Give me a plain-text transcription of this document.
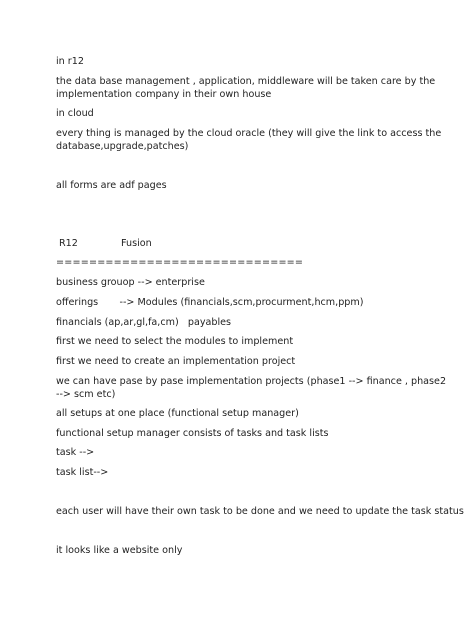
in r12
the data base management , application, middleware will be taken care by the
implementation company in their own house
in cloud
every thing is managed by the cloud oracle (they will give the link to access the
database,upgrade,patches)
all forms are adf pages
R12	Fusion
==============================
business grouop --> enterprise
offerings       --> Modules (financials,scm,procurment,hcm,ppm)
financials (ap,ar,gl,fa,cm)   payables
first we need to select the modules to implement
first we need to create an implementation project
we can have pase by pase implementation projects (phase1 --> finance , phase2
--> scm etc)
all setups at one place (functional setup manager)
functional setup manager consists of tasks and task lists
task -->
task list-->
each user will have their own task to be done and we need to update the task status
it looks like a website only
